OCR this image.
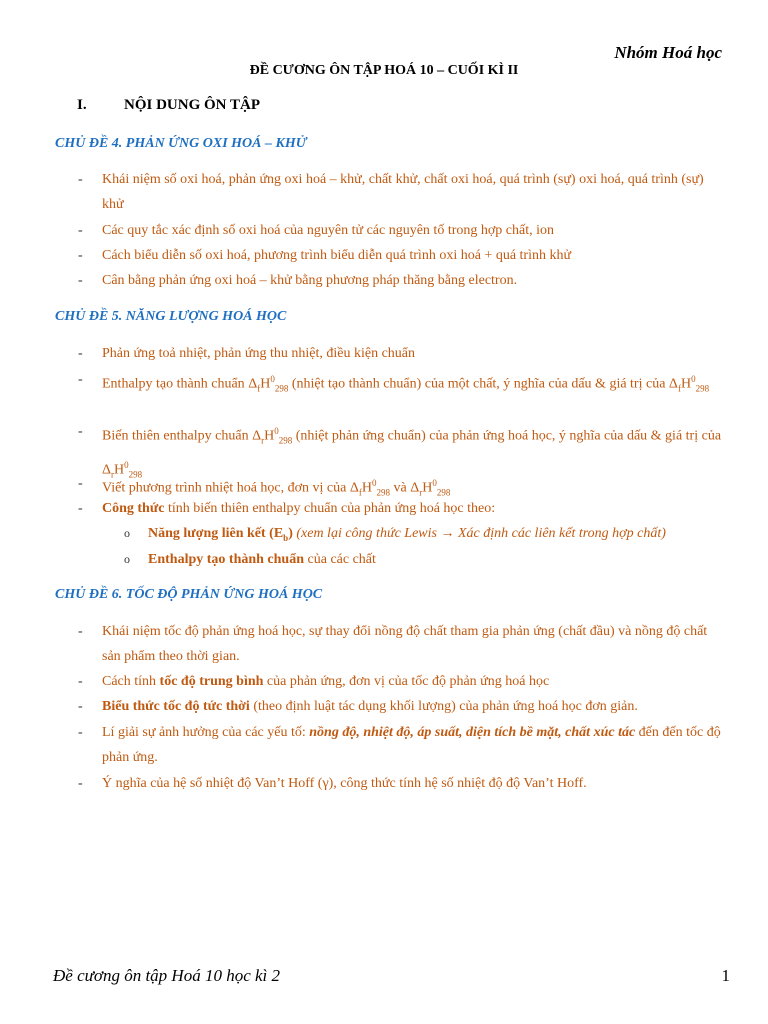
Nhóm Hoá học
ĐỀ CƯƠNG ÔN TẬP HOÁ 10 – CUỐI KÌ II
I. NỘI DUNG ÔN TẬP
CHỦ ĐỀ 4. PHẢN ỨNG OXI HOÁ – KHỬ
- Khái niệm số oxi hoá, phản ứng oxi hoá – khử, chất khử, chất oxi hoá, quá trình (sự) oxi hoá, quá trình (sự) khử
- Các quy tắc xác định số oxi hoá của nguyên tử các nguyên tố trong hợp chất, ion
- Cách biểu diễn số oxi hoá, phương trình biểu diễn quá trình oxi hoá + quá trình khử
- Cân bằng phản ứng oxi hoá – khử bằng phương pháp thăng bằng electron.
CHỦ ĐỀ 5. NĂNG LƯỢNG HOÁ HỌC
- Phản ứng toả nhiệt, phản ứng thu nhiệt, điều kiện chuẩn
- Enthalpy tạo thành chuẩn $\Delta_fH^0_{298}$ (nhiệt tạo thành chuẩn) của một chất, ý nghĩa của dấu & giá trị của $\Delta_fH^0_{298}$
- Biến thiên enthalpy chuẩn $\Delta_rH^0_{298}$ (nhiệt phản ứng chuẩn) của phản ứng hoá học, ý nghĩa của dấu & giá trị của $\Delta_rH^0_{298}$
- Viết phương trình nhiệt hoá học, đơn vị của $\Delta_fH^0_{298}$ và $\Delta_rH^0_{298}$
- Công thức tính biến thiên enthalpy chuẩn của phản ứng hoá học theo:
o Năng lượng liên kết $(E_b)$ (xem lại công thức Lewis → Xác định các liên kết trong hợp chất)
o Enthalpy tạo thành chuẩn của các chất
CHỦ ĐỀ 6. TỐC ĐỘ PHẢN ỨNG HOÁ HỌC
- Khái niệm tốc độ phản ứng hoá học, sự thay đổi nồng độ chất tham gia phản ứng (chất đầu) và nồng độ chất sản phẩm theo thời gian.
- Cách tính tốc độ trung bình của phản ứng, đơn vị của tốc độ phản ứng hoá học
- Biểu thức tốc độ tức thời (theo định luật tác dụng khối lượng) của phản ứng hoá học đơn giản.
- Lí giải sự ảnh hưởng của các yếu tố: nồng độ, nhiệt độ, áp suất, diện tích bề mặt, chất xúc tác đến đến tốc độ phản ứng.
- Ý nghĩa của hệ số nhiệt độ Van’t Hoff (γ), công thức tính hệ số nhiệt độ độ Van’t Hoff.
Đề cương ôn tập Hoá 10 học kì 2	1
